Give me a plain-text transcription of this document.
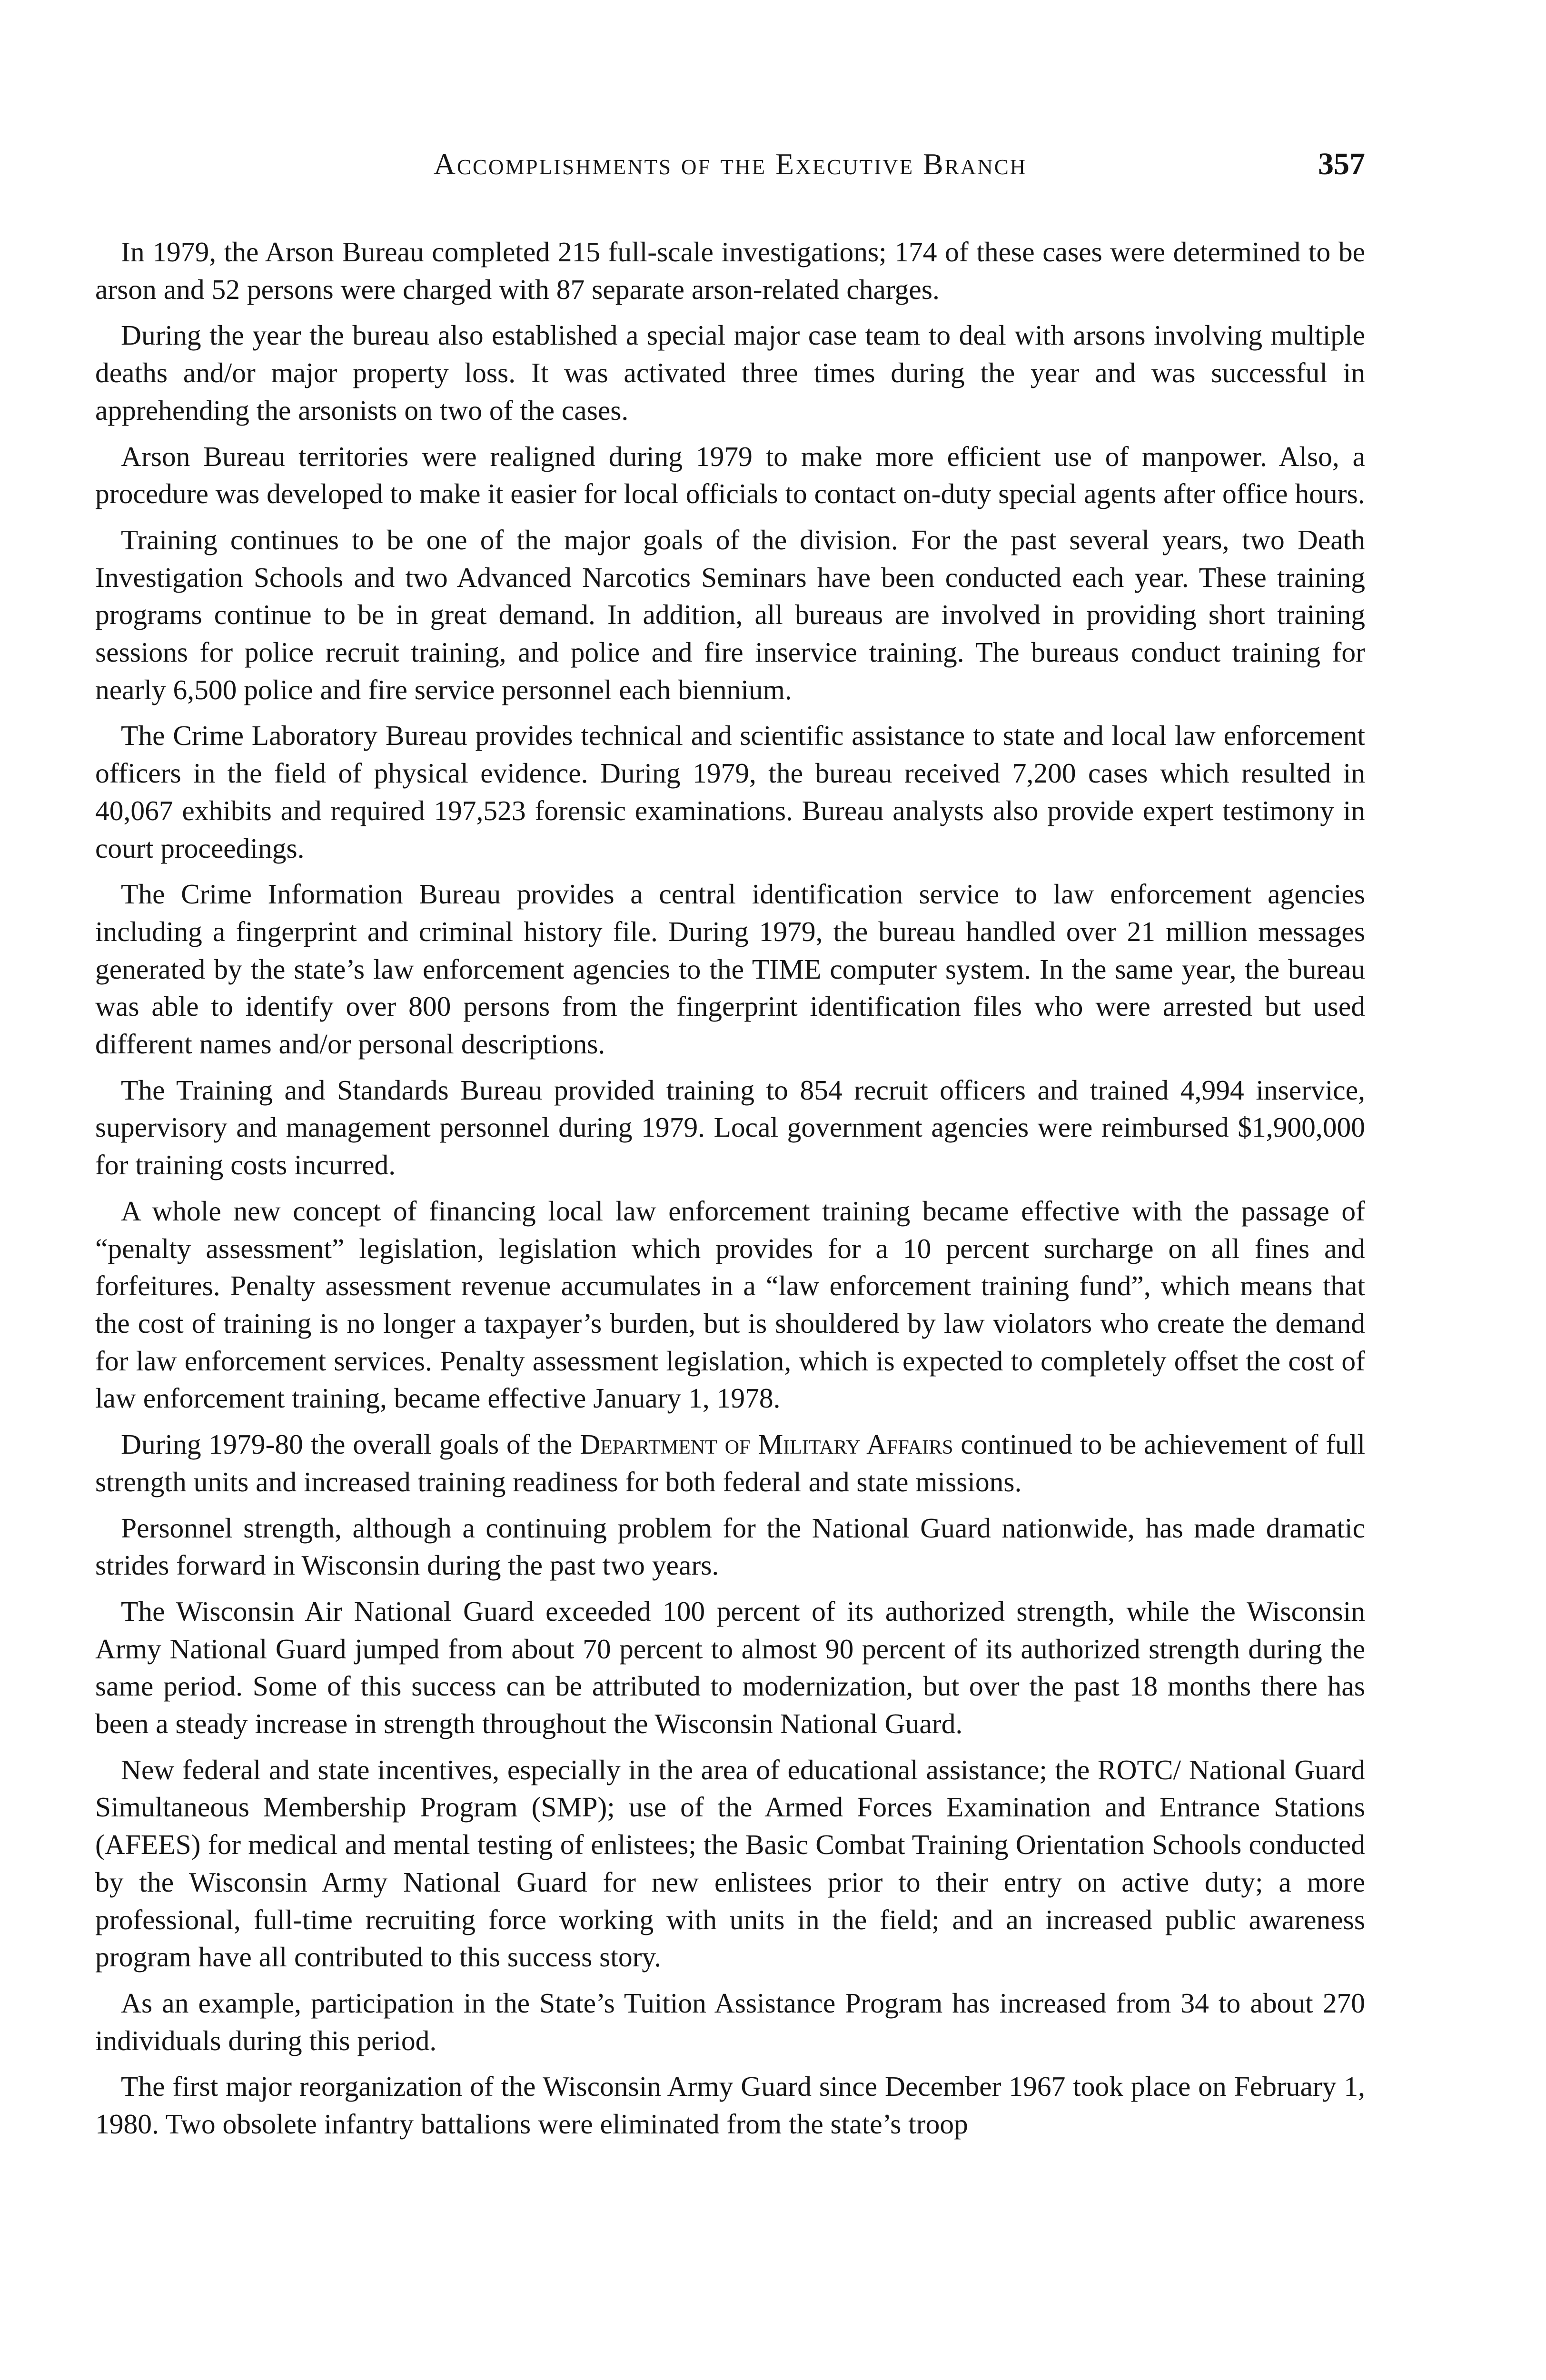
Accomplishments of the Executive Branch	357

In 1979, the Arson Bureau completed 215 full-scale investigations; 174 of these cases were determined to be arson and 52 persons were charged with 87 separate arson-related charges.

During the year the bureau also established a special major case team to deal with arsons involving multiple deaths and/or major property loss. It was activated three times during the year and was successful in apprehending the arsonists on two of the cases.

Arson Bureau territories were realigned during 1979 to make more efficient use of manpower. Also, a procedure was developed to make it easier for local officials to contact on-duty special agents after office hours.

Training continues to be one of the major goals of the division. For the past several years, two Death Investigation Schools and two Advanced Narcotics Seminars have been conducted each year. These training programs continue to be in great demand. In addition, all bureaus are involved in providing short training sessions for police recruit training, and police and fire inservice training. The bureaus conduct training for nearly 6,500 police and fire service personnel each biennium.

The Crime Laboratory Bureau provides technical and scientific assistance to state and local law enforcement officers in the field of physical evidence. During 1979, the bureau received 7,200 cases which resulted in 40,067 exhibits and required 197,523 forensic examinations. Bureau analysts also provide expert testimony in court proceedings.

The Crime Information Bureau provides a central identification service to law enforcement agencies including a fingerprint and criminal history file. During 1979, the bureau handled over 21 million messages generated by the state’s law enforcement agencies to the TIME computer system. In the same year, the bureau was able to identify over 800 persons from the fingerprint identification files who were arrested but used different names and/or personal descriptions.

The Training and Standards Bureau provided training to 854 recruit officers and trained 4,994 inservice, supervisory and management personnel during 1979. Local government agencies were reimbursed $1,900,000 for training costs incurred.

A whole new concept of financing local law enforcement training became effective with the passage of “penalty assessment” legislation, legislation which provides for a 10 percent surcharge on all fines and forfeitures. Penalty assessment revenue accumulates in a “law enforcement training fund”, which means that the cost of training is no longer a taxpayer’s burden, but is shouldered by law violators who create the demand for law enforcement services. Penalty assessment legislation, which is expected to completely offset the cost of law enforcement training, became effective January 1, 1978.

During 1979-80 the overall goals of the Department of Military Affairs continued to be achievement of full strength units and increased training readiness for both federal and state missions.

Personnel strength, although a continuing problem for the National Guard nationwide, has made dramatic strides forward in Wisconsin during the past two years.

The Wisconsin Air National Guard exceeded 100 percent of its authorized strength, while the Wisconsin Army National Guard jumped from about 70 percent to almost 90 percent of its authorized strength during the same period. Some of this success can be attributed to modernization, but over the past 18 months there has been a steady increase in strength throughout the Wisconsin National Guard.

New federal and state incentives, especially in the area of educational assistance; the ROTC/ National Guard Simultaneous Membership Program (SMP); use of the Armed Forces Examination and Entrance Stations (AFEES) for medical and mental testing of enlistees; the Basic Combat Training Orientation Schools conducted by the Wisconsin Army National Guard for new enlistees prior to their entry on active duty; a more professional, full-time recruiting force working with units in the field; and an increased public awareness program have all contributed to this success story.

As an example, participation in the State’s Tuition Assistance Program has increased from 34 to about 270 individuals during this period.

The first major reorganization of the Wisconsin Army Guard since December 1967 took place on February 1, 1980. Two obsolete infantry battalions were eliminated from the state’s troop
